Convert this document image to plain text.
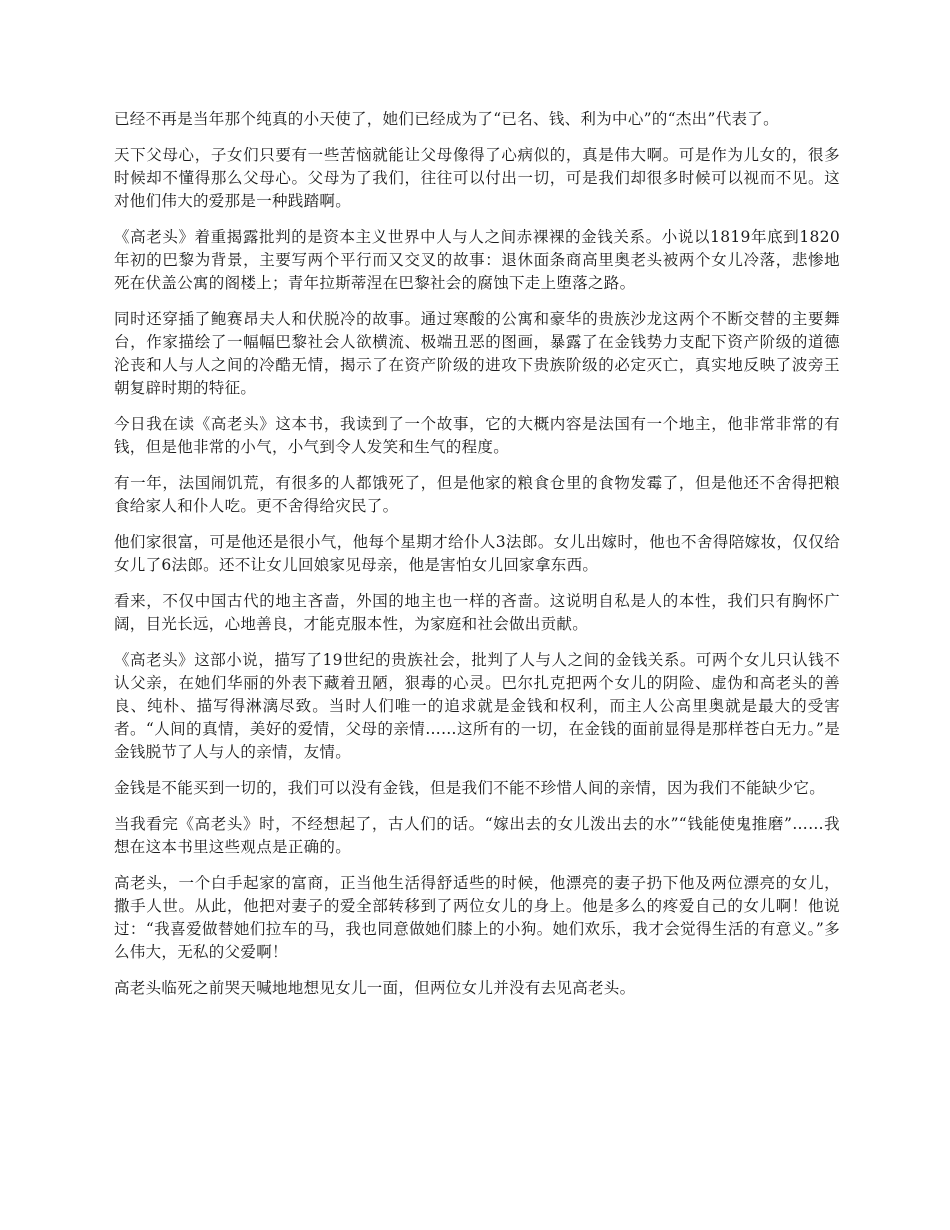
已经不再是当年那个纯真的小天使了，她们已经成为了“已名、钱、利为中心”的“杰出”代表了。

天下父母心，子女们只要有一些苦恼就能让父母像得了心病似的，真是伟大啊。可是作为儿女的，很多时候却不懂得那么父母心。父母为了我们，往往可以付出一切，可是我们却很多时候可以视而不见。这对他们伟大的爱那是一种践踏啊。

《高老头》着重揭露批判的是资本主义世界中人与人之间赤裸裸的金钱关系。小说以1819年底到1820年初的巴黎为背景，主要写两个平行而又交叉的故事：退休面条商高里奥老头被两个女儿冷落，悲惨地死在伏盖公寓的阁楼上；青年拉斯蒂涅在巴黎社会的腐蚀下走上堕落之路。

同时还穿插了鲍赛昂夫人和伏脱冷的故事。通过寒酸的公寓和豪华的贵族沙龙这两个不断交替的主要舞台，作家描绘了一幅幅巴黎社会人欲横流、极端丑恶的图画，暴露了在金钱势力支配下资产阶级的道德沦丧和人与人之间的冷酷无情，揭示了在资产阶级的进攻下贵族阶级的必定灭亡，真实地反映了波旁王朝复辟时期的特征。

今日我在读《高老头》这本书，我读到了一个故事，它的大概内容是法国有一个地主，他非常非常的有钱，但是他非常的小气，小气到令人发笑和生气的程度。

有一年，法国闹饥荒，有很多的人都饿死了，但是他家的粮食仓里的食物发霉了，但是他还不舍得把粮食给家人和仆人吃。更不舍得给灾民了。

他们家很富，可是他还是很小气，他每个星期才给仆人3法郎。女儿出嫁时，他也不舍得陪嫁妆，仅仅给女儿了6法郎。还不让女儿回娘家见母亲，他是害怕女儿回家拿东西。

看来，不仅中国古代的地主吝啬，外国的地主也一样的吝啬。这说明自私是人的本性，我们只有胸怀广阔，目光长远，心地善良，才能克服本性，为家庭和社会做出贡献。

《高老头》这部小说，描写了19世纪的贵族社会，批判了人与人之间的金钱关系。可两个女儿只认钱不认父亲，在她们华丽的外表下藏着丑陋，狠毒的心灵。巴尔扎克把两个女儿的阴险、虚伪和高老头的善良、纯朴、描写得淋漓尽致。当时人们唯一的追求就是金钱和权利，而主人公高里奥就是最大的受害者。“人间的真情，美好的爱情，父母的亲情……这所有的一切，在金钱的面前显得是那样苍白无力。”是金钱脱节了人与人的亲情，友情。

金钱是不能买到一切的，我们可以没有金钱，但是我们不能不珍惜人间的亲情，因为我们不能缺少它。

当我看完《高老头》时，不经想起了，古人们的话。“嫁出去的女儿泼出去的水”“钱能使鬼推磨”……我想在这本书里这些观点是正确的。

高老头，一个白手起家的富商，正当他生活得舒适些的时候，他漂亮的妻子扔下他及两位漂亮的女儿，撒手人世。从此，他把对妻子的爱全部转移到了两位女儿的身上。他是多么的疼爱自己的女儿啊！他说过：“我喜爱做替她们拉车的马，我也同意做她们膝上的小狗。她们欢乐，我才会觉得生活的有意义。”多么伟大，无私的父爱啊！

高老头临死之前哭天喊地地想见女儿一面，但两位女儿并没有去见高老头。
